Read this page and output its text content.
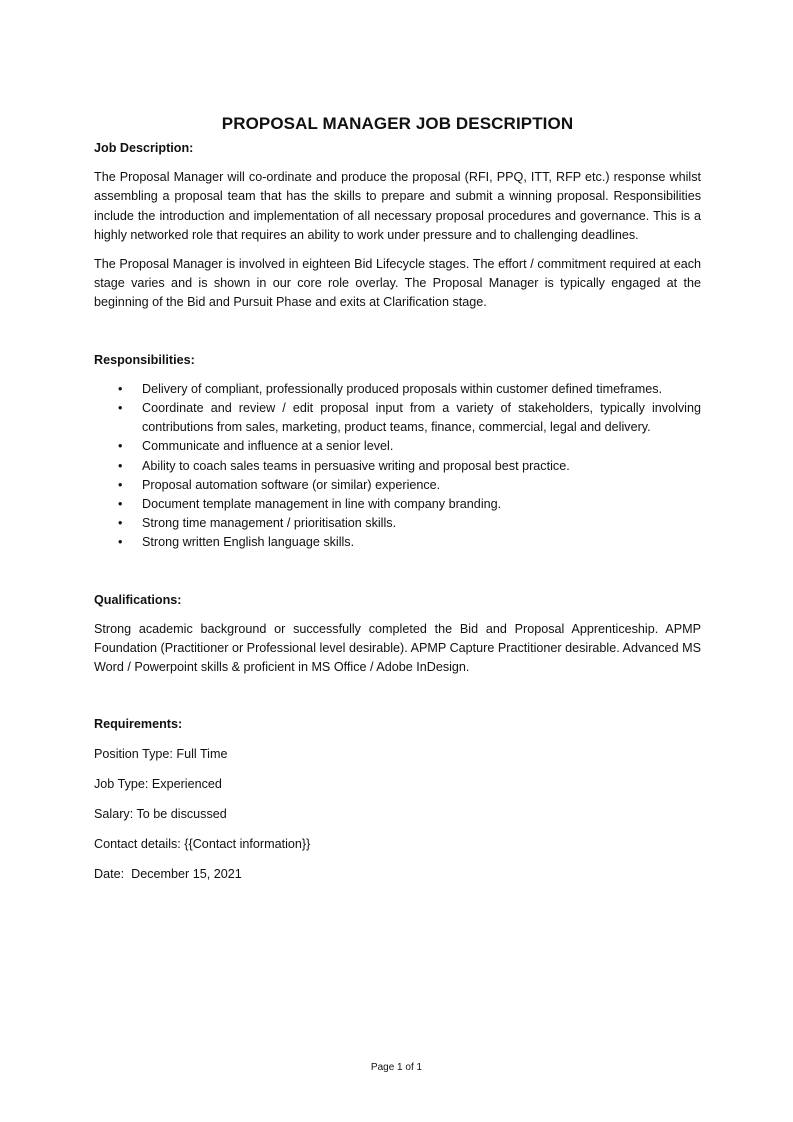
PROPOSAL MANAGER JOB DESCRIPTION
Job Description:

The Proposal Manager will co-ordinate and produce the proposal (RFI, PPQ, ITT, RFP etc.) response whilst assembling a proposal team that has the skills to prepare and submit a winning proposal. Responsibilities include the introduction and implementation of all necessary proposal procedures and governance. This is a highly networked role that requires an ability to work under pressure and to challenging deadlines.

The Proposal Manager is involved in eighteen Bid Lifecycle stages. The effort / commitment required at each stage varies and is shown in our core role overlay. The Proposal Manager is typically engaged at the beginning of the Bid and Pursuit Phase and exits at Clarification stage.

Responsibilities:
• Delivery of compliant, professionally produced proposals within customer defined timeframes.
• Coordinate and review / edit proposal input from a variety of stakeholders, typically involving contributions from sales, marketing, product teams, finance, commercial, legal and delivery.
• Communicate and influence at a senior level.
• Ability to coach sales teams in persuasive writing and proposal best practice.
• Proposal automation software (or similar) experience.
• Document template management in line with company branding.
• Strong time management / prioritisation skills.
• Strong written English language skills.
Qualifications:

Strong academic background or successfully completed the Bid and Proposal Apprenticeship. APMP Foundation (Practitioner or Professional level desirable). APMP Capture Practitioner desirable. Advanced MS Word / Powerpoint skills & proficient in MS Office / Adobe InDesign.

Requirements:
Position Type: Full Time
Job Type: Experienced
Salary: To be discussed
Contact details: {{Contact information}}
Date:  December 15, 2021
Page 1 of 1
